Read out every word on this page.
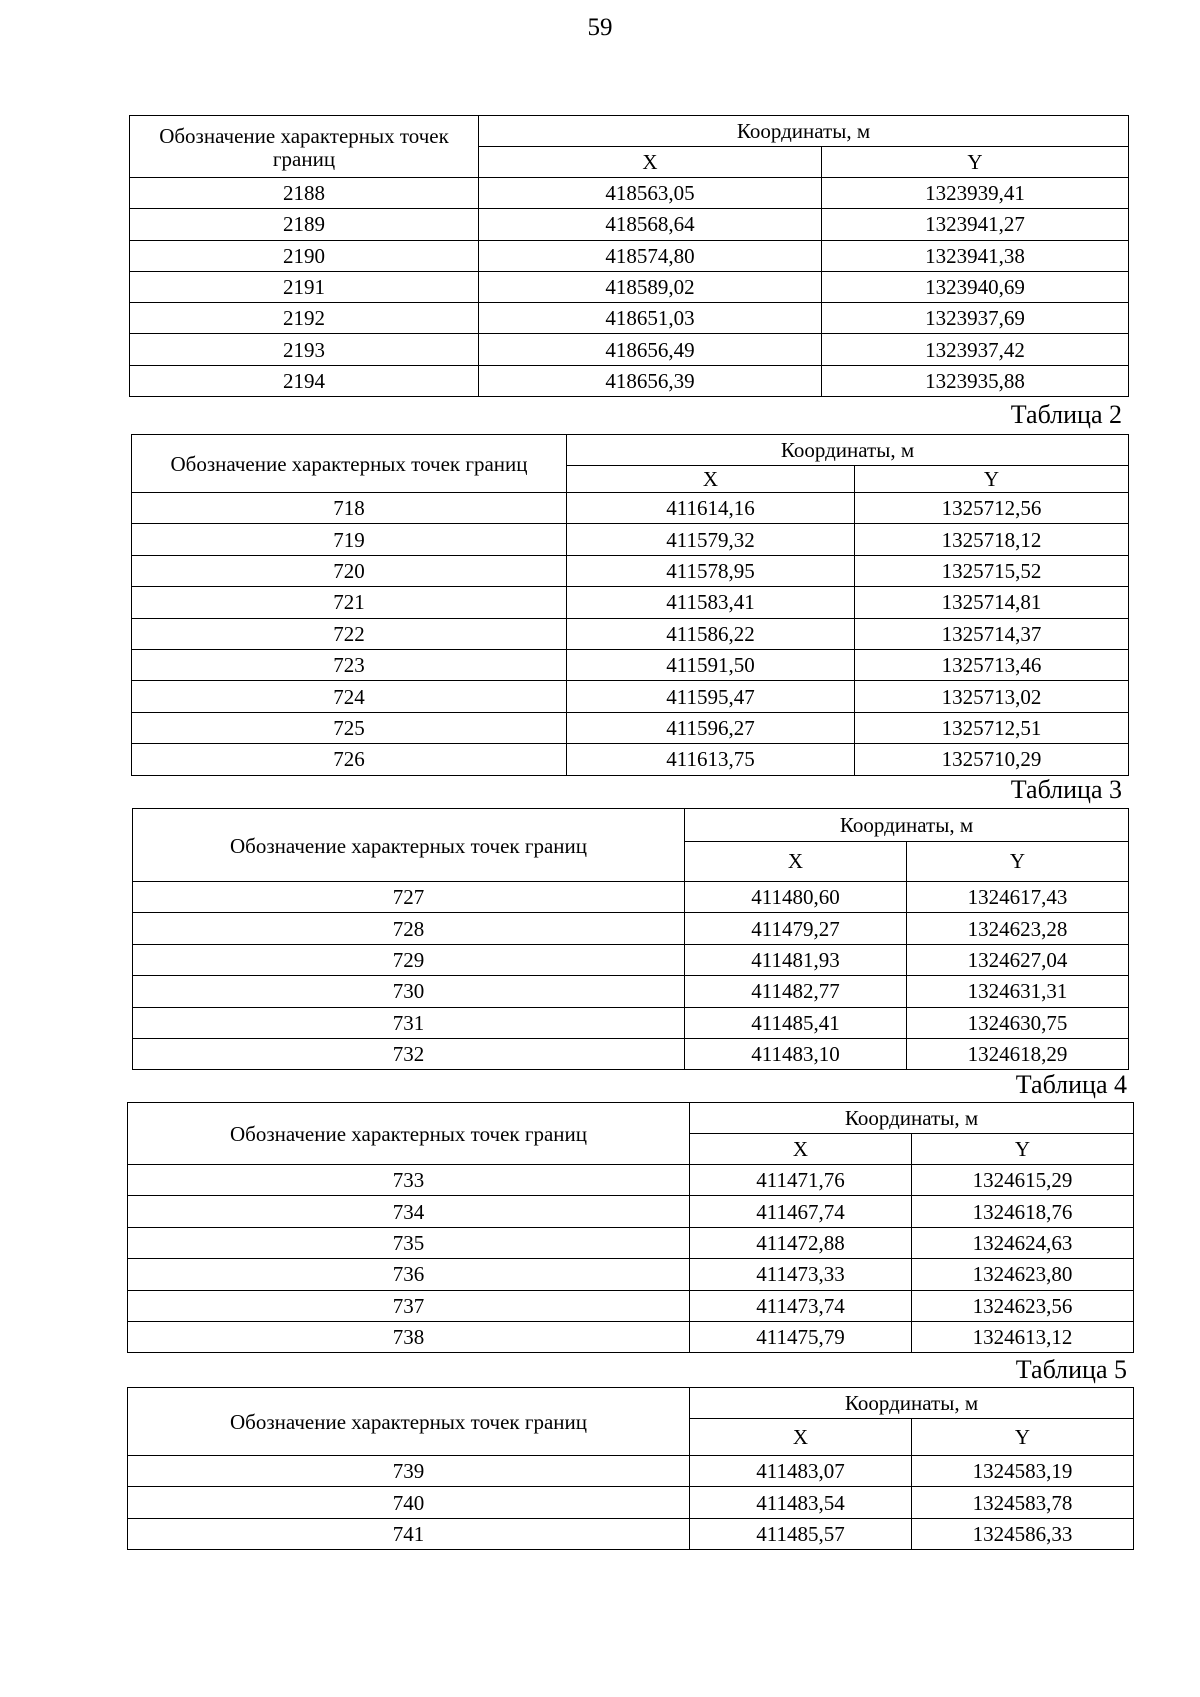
59
Обозначение характерных точек границ	Координаты, м	
	X	Y
2188	418563,05	1323939,41
2189	418568,64	1323941,27
2190	418574,80	1323941,38
2191	418589,02	1323940,69
2192	418651,03	1323937,69
2193	418656,49	1323937,42
2194	418656,39	1323935,88
Таблица 2
Обозначение характерных точек границ	Координаты, м	
	X	Y
718	411614,16	1325712,56
719	411579,32	1325718,12
720	411578,95	1325715,52
721	411583,41	1325714,81
722	411586,22	1325714,37
723	411591,50	1325713,46
724	411595,47	1325713,02
725	411596,27	1325712,51
726	411613,75	1325710,29
Таблица 3
Обозначение характерных точек границ	Координаты, м	
	X	Y
727	411480,60	1324617,43
728	411479,27	1324623,28
729	411481,93	1324627,04
730	411482,77	1324631,31
731	411485,41	1324630,75
732	411483,10	1324618,29
Таблица 4
Обозначение характерных точек границ	Координаты, м	
	X	Y
733	411471,76	1324615,29
734	411467,74	1324618,76
735	411472,88	1324624,63
736	411473,33	1324623,80
737	411473,74	1324623,56
738	411475,79	1324613,12
Таблица 5
Обозначение характерных точек границ	Координаты, м	
	X	Y
739	411483,07	1324583,19
740	411483,54	1324583,78
741	411485,57	1324586,33
